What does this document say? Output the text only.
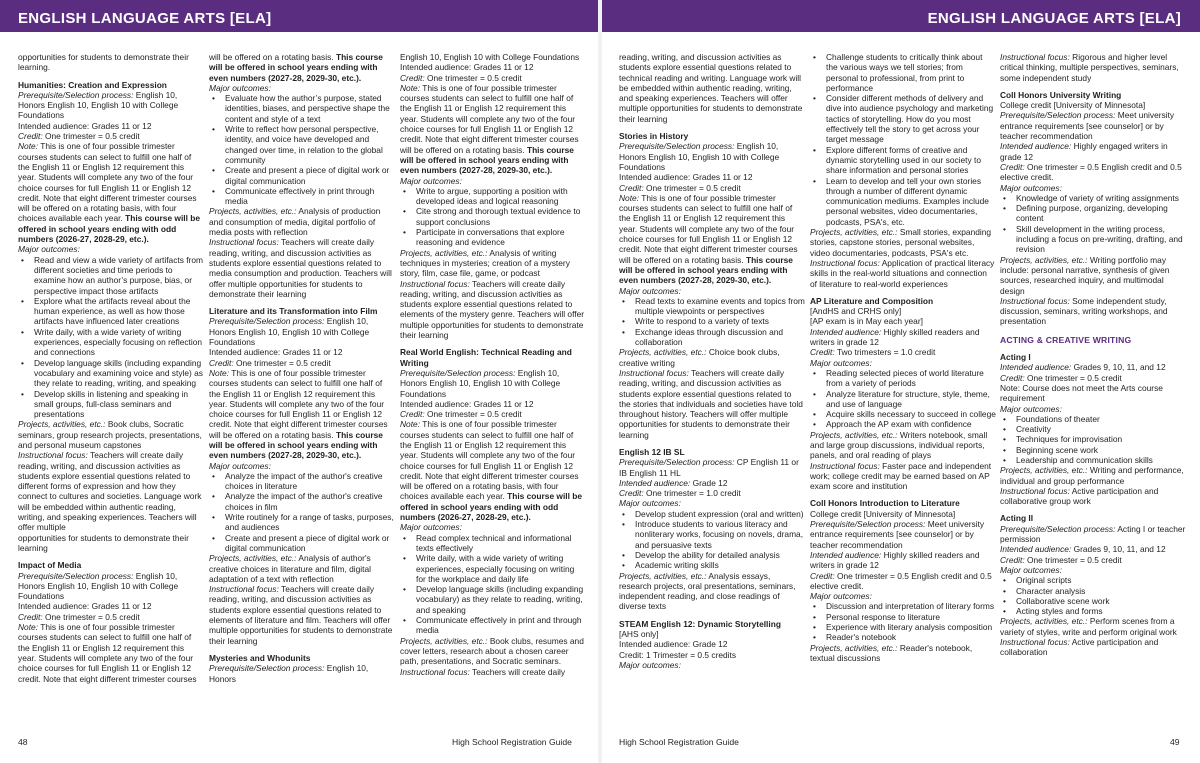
ENGLISH LANGUAGE ARTS [ELA]	ENGLISH LANGUAGE ARTS [ELA]

opportunities for students to demonstrate their learning.

Humanities: Creation and Expression

Prerequisite/Selection process: English 10, Honors English 10, English 10 with College Foundations

Intended audience: Grades 11 or 12

Credit: One trimester = 0.5 credit

Note: This is one of four possible trimester courses students can select to fulfill one half of the English 11 or English 12 requirement this year. Students will complete any two of the four choice courses for full English 11 or English 12 credit. Note that eight different trimester courses will be offered on a rotating basis, with four choices available each year. This course will be offered in school years ending with odd numbers (2026-27, 2028-29, etc.).

Major outcomes:

• Read and view a wide variety of artifacts from different societies and time periods to examine how an author’s purpose, bias, or perspective impact those artifacts
• Explore what the artifacts reveal about the human experience, as well as how those artifacts have influenced later creations
• Write daily, with a wide variety of writing experiences, especially focusing on reflection and connections
• Develop language skills (including expanding vocabulary and examining voice and style) as they relate to reading, writing, and speaking
• Develop skills in listening and speaking in small groups, full-class seminars and presentations

Projects, activities, etc.: Book clubs, Socratic seminars, group research projects, presentations, and personal museum capstones

Instructional focus: Teachers will create daily reading, writing, and discussion activities as students explore essential questions related to different forms of expression and how they connect to cultures and societies. Language work will be embedded within authentic reading, writing, and speaking experiences. Teachers will offer multiple

opportunities for students to demonstrate their learning

Impact of Media

Prerequisite/Selection process: English 10, Honors English 10, English 10 with College Foundations

Intended audience: Grades 11 or 12

Credit: One trimester = 0.5 credit

Note: This is one of four possible trimester courses students can select to fulfill one half of the English 11 or English 12 requirement this year. Students will complete any two of the four choice courses for full English 11 or English 12 credit. Note that eight different trimester courses

will be offered on a rotating basis. This course will be offered in school years ending with even numbers (2027-28, 2029-30, etc.).

Major outcomes:

• Evaluate how the author’s purpose, stated identities, biases, and perspective shape the content and style of a text
• Write to reflect how personal perspective, identity, and voice have developed and changed over time, in relation to the global community
• Create and present a piece of digital work or digital communication
• Communicate effectively in print through media

Projects, activities, etc.: Analysis of production and consumption of media, digital portfolio of media posts with reflection

Instructional focus: Teachers will create daily reading, writing, and discussion activities as students explore essential questions related to media consumption and production. Teachers will offer multiple opportunities for students to demonstrate their learning

Literature and its Transformation into Film

Prerequisite/Selection process: English 10, Honors English 10, English 10 with College Foundations

Intended audience: Grades 11 or 12

Credit: One trimester = 0.5 credit

Note: This is one of four possible trimester courses students can select to fulfill one half of the English 11 or English 12 requirement this year. Students will complete any two of the four choice courses for full English 11 or English 12 credit. Note that eight different trimester courses will be offered on a rotating basis. This course will be offered in school years ending with even numbers (2027-28, 2029-30, etc.).

Major outcomes:

• Analyze the impact of the author's creative choices in literature
• Analyze the impact of the author's creative choices in film
• Write routinely for a range of tasks, purposes, and audiences
• Create and present a piece of digital work or digital communication

Projects, activities, etc.: Analysis of author's creative choices in literature and film, digital adaptation of a text with reflection

Instructional focus: Teachers will create daily reading, writing, and discussion activities as students explore essential questions related to elements of literature and film. Teachers will offer multiple opportunities for students to demonstrate their learning

Mysteries and Whodunits

Prerequisite/Selection process: English 10, Honors

English 10, English 10 with College Foundations

Intended audience: Grades 11 or 12

Credit: One trimester = 0.5 credit

Note: This is one of four possible trimester courses students can select to fulfill one half of the English 11 or English 12 requirement this year. Students will complete any two of the four choice courses for full English 11 or English 12 credit. Note that eight different trimester courses will be offered on a rotating basis. This course will be offered in school years ending with even numbers (2027-28, 2029-30, etc.).

Major outcomes:

• Write to argue, supporting a position with developed ideas and logical reasoning
• Cite strong and thorough textual evidence to support conclusions
• Participate in conversations that explore reasoning and evidence

Projects, activities, etc.: Analysis of writing techniques in mysteries; creation of a mystery story, film, case file, game, or podcast

Instructional focus: Teachers will create daily reading, writing, and discussion activities as students explore essential questions related to elements of the mystery genre. Teachers will offer multiple opportunities for students to demonstrate their learning

Real World English: Technical Reading and Writing

Prerequisite/Selection process: English 10, Honors English 10, English 10 with College Foundations

Intended audience: Grades 11 or 12

Credit: One trimester = 0.5 credit

Note: This is one of four possible trimester courses students can select to fulfill one half of the English 11 or English 12 requirement this year. Students will complete any two of the four choice courses for full English 11 or English 12 credit. Note that eight different trimester courses will be offered on a rotating basis, with four choices available each year. This course will be offered in school years ending with odd numbers (2026-27, 2028-29, etc.).

Major outcomes:

• Read complex technical and informational texts effectively
• Write daily, with a wide variety of writing experiences, especially focusing on writing for the workplace and daily life
• Develop language skills (including expanding vocabulary) as they relate to reading, writing, and speaking
• Communicate effectively in print and through media

Projects, activities, etc.: Book clubs, resumes and cover letters, research about a chosen career path, presentations, and Socratic seminars.

Instructional focus: Teachers will create daily

reading, writing, and discussion activities as students explore essential questions related to technical reading and writing. Language work will be embedded within authentic reading, writing, and speaking experiences. Teachers will offer multiple opportunities for students to demonstrate their learning

Stories in History

Prerequisite/Selection process: English 10, Honors English 10, English 10 with College Foundations

Intended audience: Grades 11 or 12

Credit: One trimester = 0.5 credit

Note: This is one of four possible trimester courses students can select to fulfill one half of the English 11 or English 12 requirement this year. Students will complete any two of the four choice courses for full English 11 or English 12 credit. Note that eight different trimester courses will be offered on a rotating basis. This course will be offered in school years ending with even numbers (2027-28, 2029-30, etc.).

Major outcomes:

• Read texts to examine events and topics from multiple viewpoints or perspectives
• Write to respond to a variety of texts
• Exchange ideas through discussion and collaboration

Projects, activities, etc.: Choice book clubs, creative writing

Instructional focus: Teachers will create daily reading, writing, and discussion activities as students explore essential questions related to the stories that individuals and societies have told throughout history. Teachers will offer multiple opportunities for students to demonstrate their learning

English 12 IB SL

Prerequisite/Selection process: CP English 11 or IB English 11 HL

Intended audience: Grade 12

Credit: One trimester = 1.0 credit

Major outcomes:

• Develop student expression (oral and written)
• Introduce students to various literacy and nonliterary works, focusing on novels, drama, and persuasive texts
• Develop the ability for detailed analysis
• Academic writing skills

Projects, activities, etc.: Analysis essays, research projects, oral presentations, seminars, independent reading, and close readings of diverse texts

STEAM English 12: Dynamic Storytelling

[AHS only]

Intended audience: Grade 12

Credit: 1 Trimester = 0.5 credits

Major outcomes:

• Challenge students to critically think about the various ways we tell stories; from personal to professional, from print to performance
• Consider different methods of delivery and dive into audience psychology and marketing tactics of storytelling. How do you most effectively tell the story to get across your target message
• Explore different forms of creative and dynamic storytelling used in our society to share information and personal stories
• Learn to develop and tell your own stories through a number of different dynamic communication mediums. Examples include personal websites, video documentaries, podcasts, PSA's, etc.

Projects, activities, etc.: Small stories, expanding stories, capstone stories, personal websites, video documentaries, podcasts, PSA's etc.

Instructional focus: Application of practical literacy skills in the real-world situations and connection of literature to real-world experiences

AP Literature and Composition

[AndHS and CRHS only]

[AP exam is in May each year]

Intended audience: Highly skilled readers and writers in grade 12

Credit: Two trimesters = 1.0 credit

Major outcomes:

• Reading selected pieces of world literature from a variety of periods
• Analyze literature for structure, style, theme, and use of language
• Acquire skills necessary to succeed in college
• Approach the AP exam with confidence

Projects, activities, etc.: Writers notebook, small and large group discussions, individual reports, panels, and oral reading of plays

Instructional focus: Faster pace and independent work; college credit may be earned based on AP exam score and institution

Coll Honors Introduction to Literature

College credit [University of Minnesota]

Prerequisite/Selection process: Meet university entrance requirements [see counselor] or by teacher recommendation

Intended audience: Highly skilled readers and writers in grade 12

Credit: One trimester = 0.5 English credit and 0.5 elective credit.

Major outcomes:

• Discussion and interpretation of literary forms
• Personal response to literature
• Experience with literary analysis composition
• Reader's notebook

Projects, activities, etc.: Reader's notebook, textual discussions

Instructional focus: Rigorous and higher level critical thinking, multiple perspectives, seminars, some independent study

Coll Honors University Writing

College credit [University of Minnesota]

Prerequisite/Selection process: Meet university entrance requirements [see counselor] or by teacher recommendation

Intended audience: Highly engaged writers in grade 12

Credit: One trimester = 0.5 English credit and 0.5 elective credit.

Major outcomes:

• Knowledge of variety of writing assignments
• Defining purpose, organizing, developing content
• Skill development in the writing process, including a focus on pre-writing, drafting, and revision

Projects, activities, etc.: Writing portfolio may include: personal narrative, synthesis of given sources, researched inquiry, and multimodal design

Instructional focus: Some independent study, discussion, seminars, writing workshops, and presentation

ACTING & CREATIVE WRITING

Acting I

Intended audience: Grades 9, 10, 11, and 12

Credit: One trimester = 0.5 credit

Note: Course does not meet the Arts course requirement

Major outcomes:

• Foundations of theater
• Creativity
• Techniques for improvisation
• Beginning scene work
• Leadership and communication skills

Projects, activities, etc.: Writing and performance, individual and group performance

Instructional focus: Active participation and collaborative group work

Acting II

Prerequisite/Selection process: Acting I or teacher permission

Intended audience: Grades 9, 10, 11, and 12

Credit: One trimester = 0.5 credit

Major outcomes:

• Original scripts
• Character analysis
• Collaborative scene work
• Acting styles and forms

Projects, activities, etc.: Perform scenes from a variety of styles, write and perform original work

Instructional focus: Active participation and collaboration

48	High School Registration Guide	High School Registration Guide	49
